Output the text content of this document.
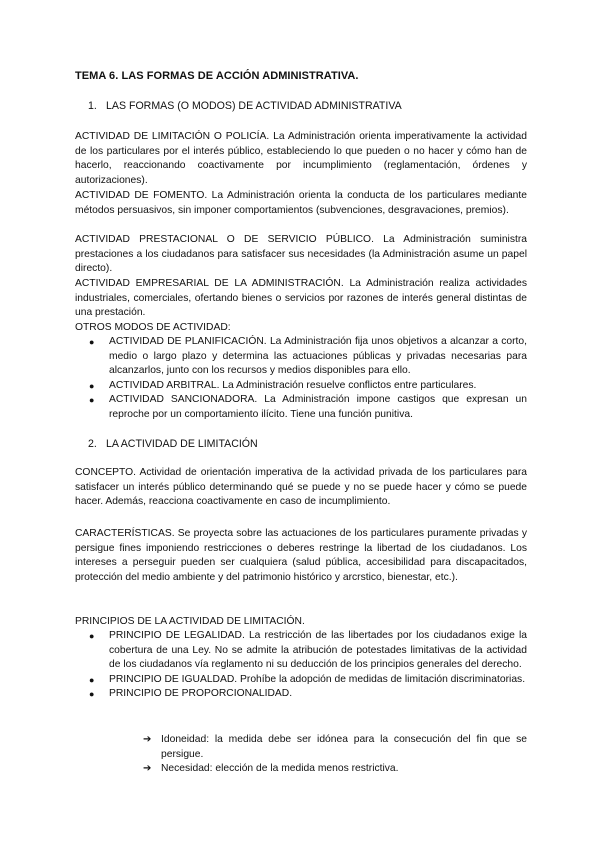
TEMA 6. LAS FORMAS DE ACCIÓN ADMINISTRATIVA.
1. LAS FORMAS (O MODOS) DE ACTIVIDAD ADMINISTRATIVA

ACTIVIDAD DE LIMITACIÓN O POLICÍA. La Administración orienta imperativamente la actividad de los particulares por el interés público, estableciendo lo que pueden o no hacer y cómo han de hacerlo, reaccionando coactivamente por incumplimiento (reglamentación, órdenes y autorizaciones).

ACTIVIDAD DE FOMENTO. La Administración orienta la conducta de los particulares mediante métodos persuasivos, sin imponer comportamientos (subvenciones, desgravaciones, premios).

ACTIVIDAD PRESTACIONAL O DE SERVICIO PÚBLICO. La Administración suministra prestaciones a los ciudadanos para satisfacer sus necesidades (la Administración asume un papel directo).

ACTIVIDAD EMPRESARIAL DE LA ADMINISTRACIÓN. La Administración realiza actividades industriales, comerciales, ofertando bienes o servicios por razones de interés general distintas de una prestación.

OTROS MODOS DE ACTIVIDAD:

● ACTIVIDAD DE PLANIFICACIÓN. La Administración fija unos objetivos a alcanzar a corto, medio o largo plazo y determina las actuaciones públicas y privadas necesarias para alcanzarlos, junto con los recursos y medios disponibles para ello.
● ACTIVIDAD ARBITRAL. La Administración resuelve conflictos entre particulares.
● ACTIVIDAD SANCIONADORA. La Administración impone castigos que expresan un reproche por un comportamiento ilícito. Tiene una función punitiva.
2. LA ACTIVIDAD DE LIMITACIÓN

CONCEPTO. Actividad de orientación imperativa de la actividad privada de los particulares para satisfacer un interés público determinando qué se puede y no se puede hacer y cómo se puede hacer. Además, reacciona coactivamente en caso de incumplimiento.

CARACTERÍSTICAS. Se proyecta sobre las actuaciones de los particulares puramente privadas y persigue fines imponiendo restricciones o deberes restringe la libertad de los ciudadanos. Los intereses a perseguir pueden ser cualquiera (salud pública, accesibilidad para discapacitados, protección del medio ambiente y del patrimonio histórico y arcrstico, bienestar, etc.).

PRINCIPIOS DE LA ACTIVIDAD DE LIMITACIÓN.

● PRINCIPIO DE LEGALIDAD. La restricción de las libertades por los ciudadanos exige la cobertura de una Ley. No se admite la atribución de potestades limitativas de la actividad de los ciudadanos vía reglamento ni su deducción de los principios generales del derecho.
● PRINCIPIO DE IGUALDAD. Prohíbe la adopción de medidas de limitación discriminatorias.
● PRINCIPIO DE PROPORCIONALIDAD.
➔ Idoneidad: la medida debe ser idónea para la consecución del fin que se persigue.
➔ Necesidad: elección de la medida menos restrictiva.
